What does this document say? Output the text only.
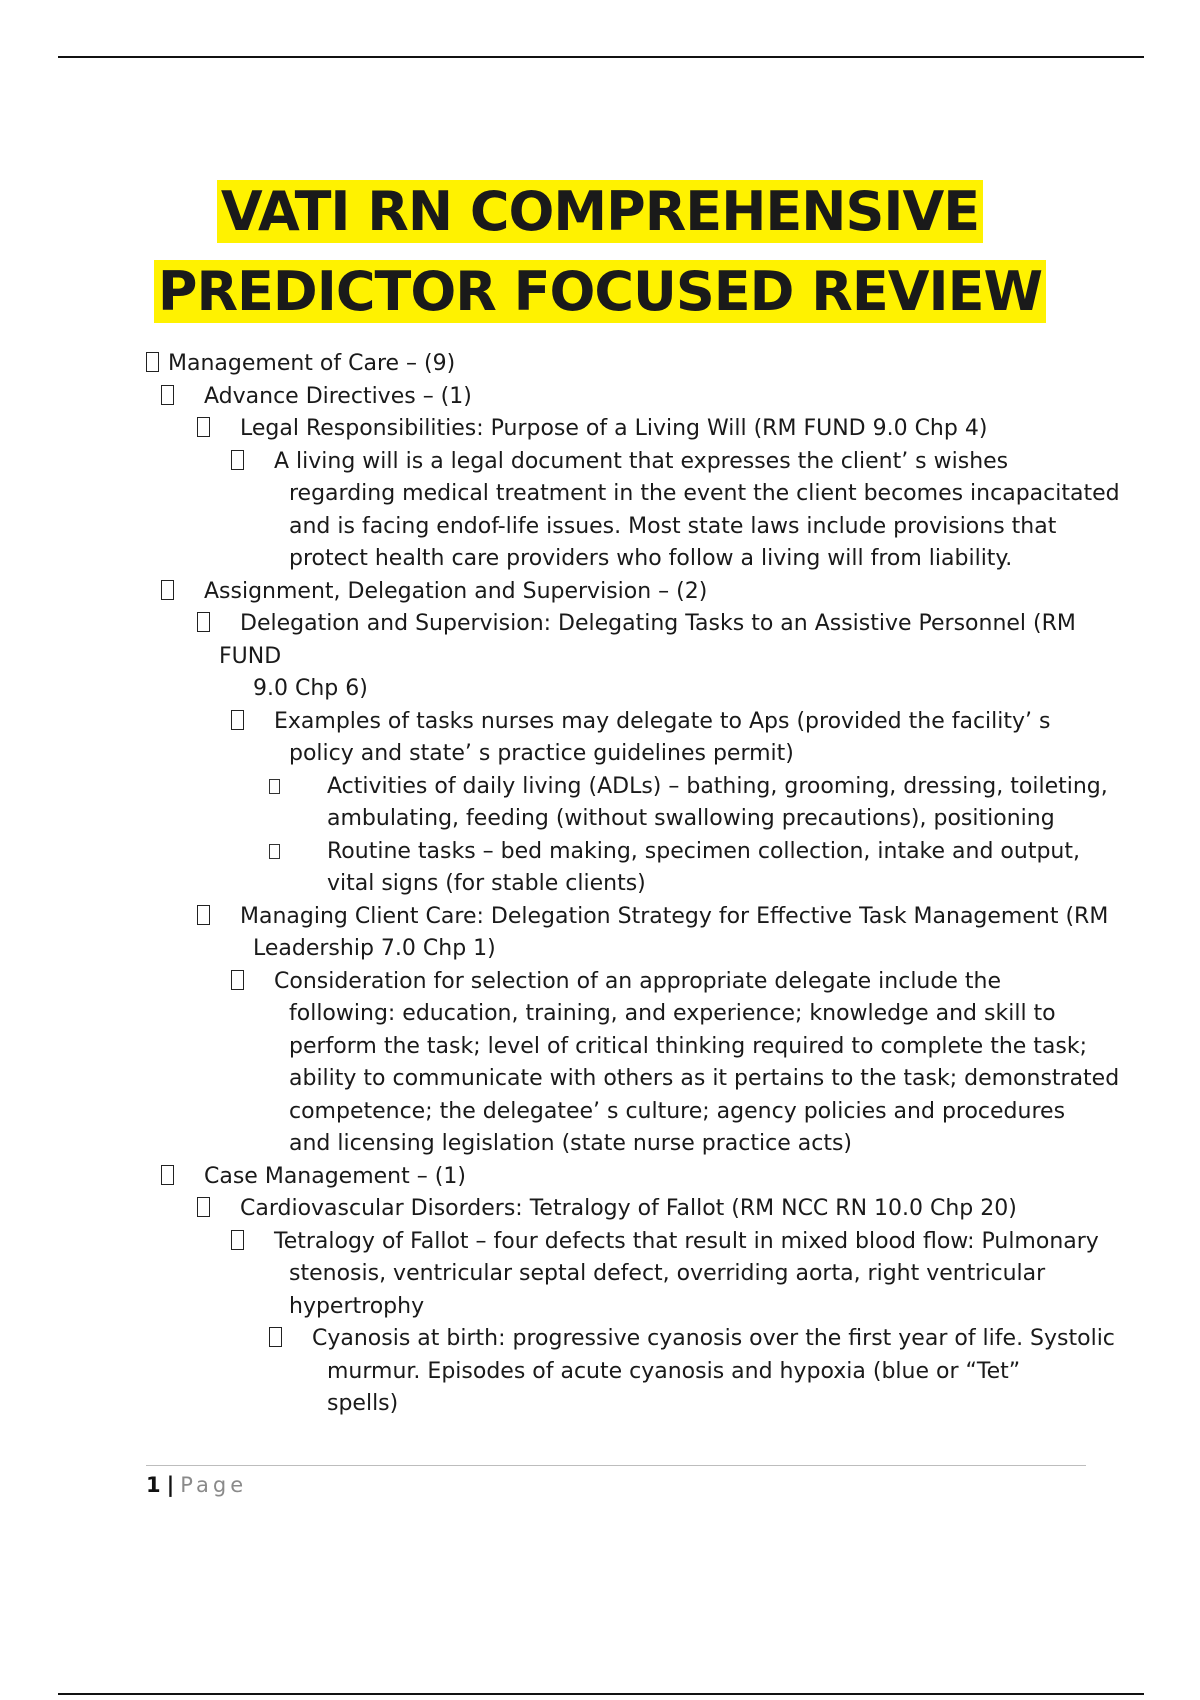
VATI RN COMPREHENSIVE
PREDICTOR FOCUSED REVIEW
Management of Care – (9)
Advance Directives – (1)
Legal Responsibilities: Purpose of a Living Will (RM FUND 9.0 Chp 4)
A living will is a legal document that expresses the client’ s wishes
regarding medical treatment in the event the client becomes incapacitated
and is facing endof-life issues. Most state laws include provisions that
protect health care providers who follow a living will from liability.
Assignment, Delegation and Supervision – (2)
Delegation and Supervision: Delegating Tasks to an Assistive Personnel (RM
FUND
9.0 Chp 6)
Examples of tasks nurses may delegate to Aps (provided the facility’ s
policy and state’ s practice guidelines permit)
Activities of daily living (ADLs) – bathing, grooming, dressing, toileting,
ambulating, feeding (without swallowing precautions), positioning
Routine tasks – bed making, specimen collection, intake and output,
vital signs (for stable clients)
Managing Client Care: Delegation Strategy for Effective Task Management (RM
Leadership 7.0 Chp 1)
Consideration for selection of an appropriate delegate include the
following: education, training, and experience; knowledge and skill to
perform the task; level of critical thinking required to complete the task;
ability to communicate with others as it pertains to the task; demonstrated
competence; the delegatee’ s culture; agency policies and procedures
and licensing legislation (state nurse practice acts)
Case Management – (1)
Cardiovascular Disorders: Tetralogy of Fallot (RM NCC RN 10.0 Chp 20)
Tetralogy of Fallot – four defects that result in mixed blood flow: Pulmonary
stenosis, ventricular septal defect, overriding aorta, right ventricular
hypertrophy
Cyanosis at birth: progressive cyanosis over the first year of life. Systolic
murmur. Episodes of acute cyanosis and hypoxia (blue or “Tet”
spells)
1 | Page
